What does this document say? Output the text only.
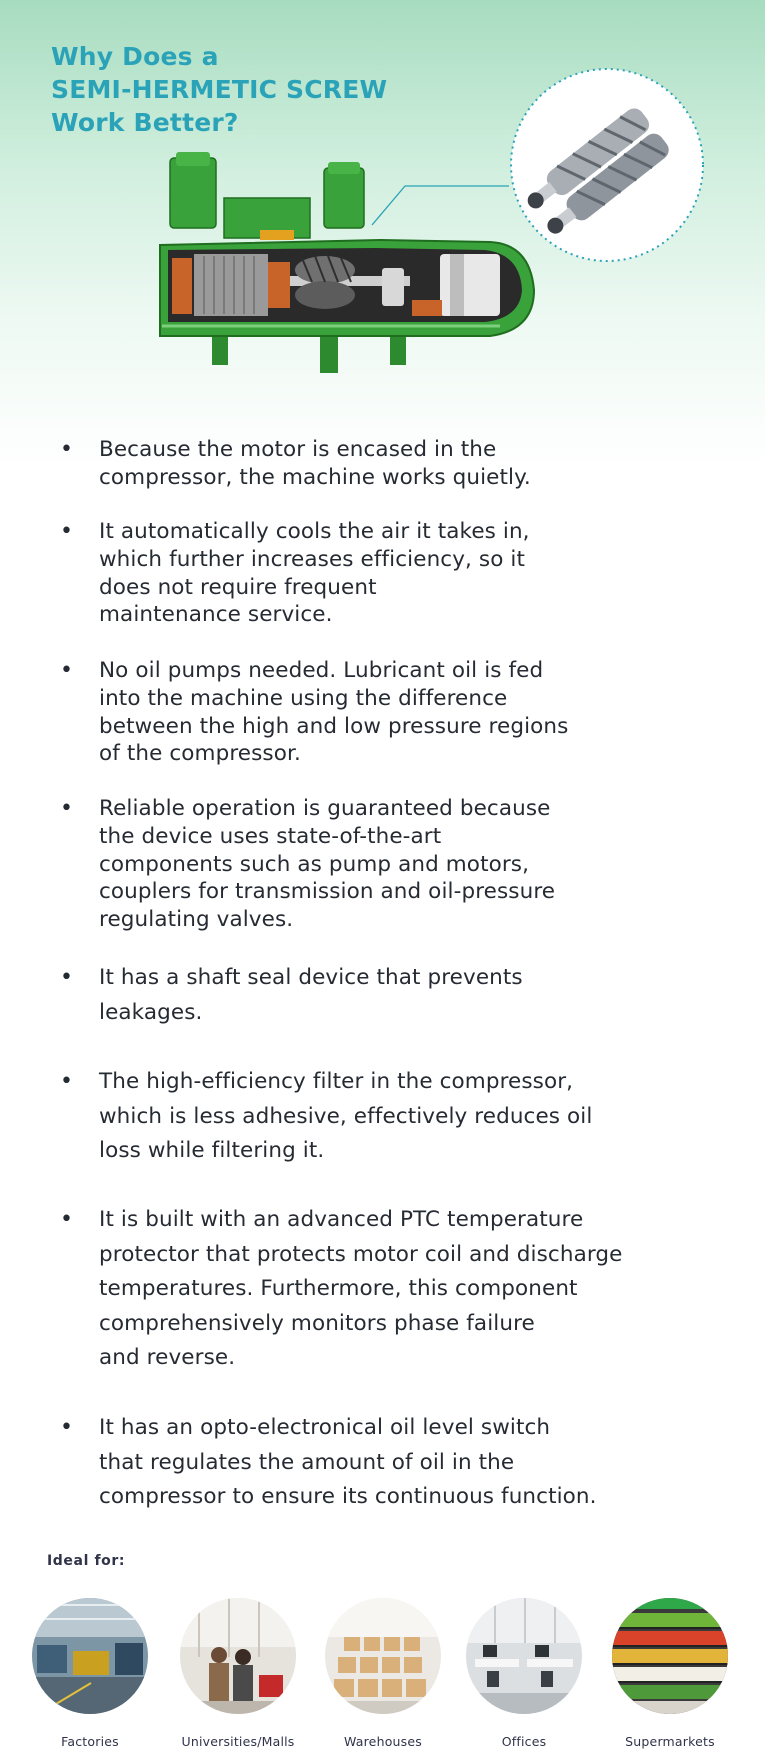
Why Does a
SEMI-HERMETIC SCREW
Work Better?
• Because the motor is encased in the
compressor, the machine works quietly.
• It automatically cools the air it takes in,
which further increases efficiency, so it
does not require frequent
maintenance service.
• No oil pumps needed. Lubricant oil is fed
into the machine using the difference
between the high and low pressure regions
of the compressor.
• Reliable operation is guaranteed because
the device uses state-of-the-art
components such as pump and motors,
couplers for transmission and oil-pressure
regulating valves.
• It has a shaft seal device that prevents
leakages.
• The high-efficiency filter in the compressor,
which is less adhesive, effectively reduces oil
loss while filtering it.
• It is built with an advanced PTC temperature
protector that protects motor coil and discharge
temperatures. Furthermore, this component
comprehensively monitors phase failure
and reverse.
• It has an opto-electronical oil level switch
that regulates the amount of oil in the
compressor to ensure its continuous function.
Ideal for:
Factories	Universities/Malls	Warehouses	Offices	Supermarkets
